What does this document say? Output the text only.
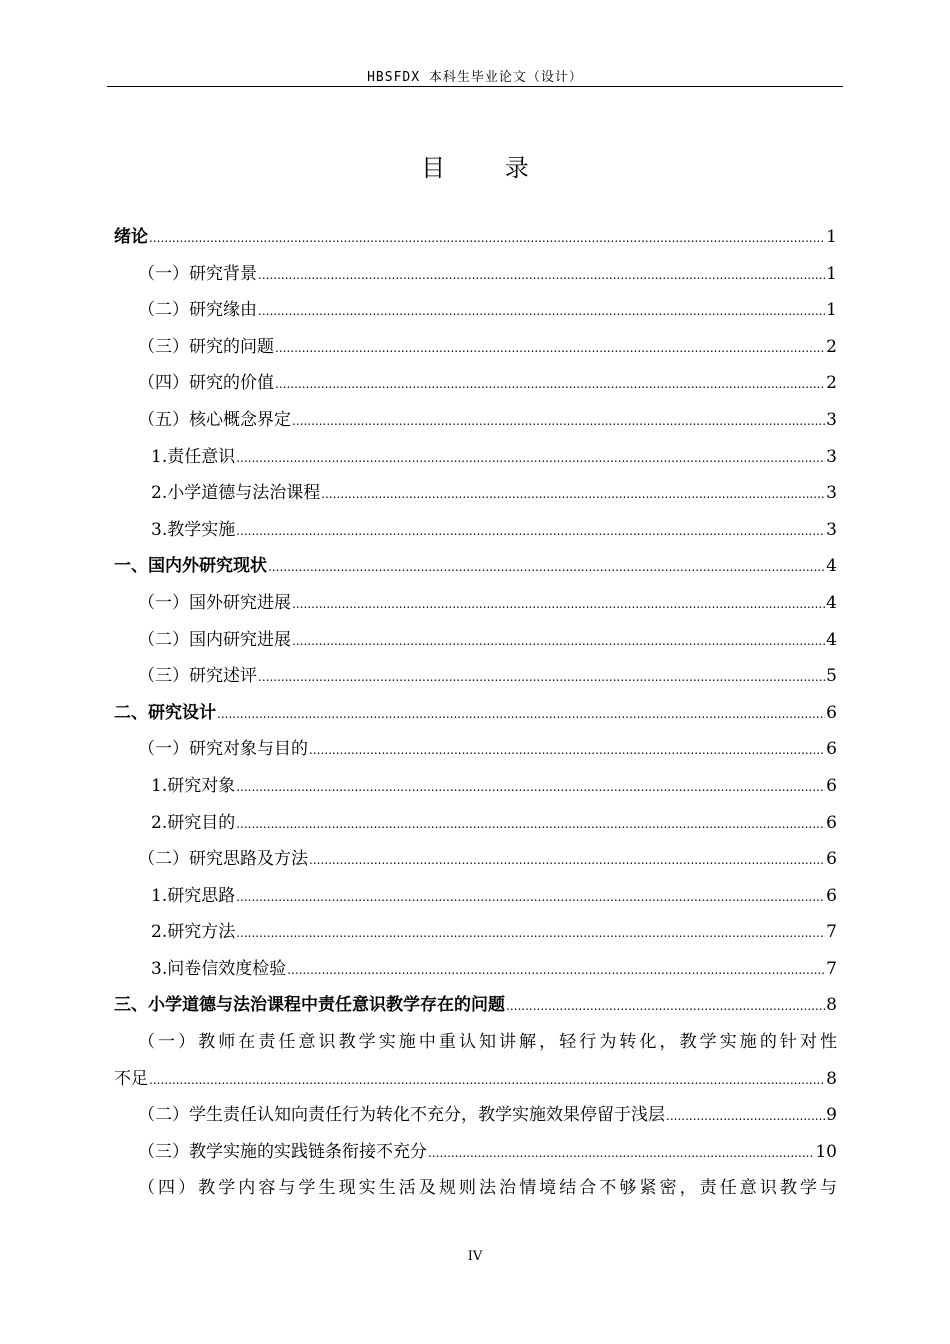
HBSFDX 本科生毕业论文（设计）
目 录
绪论 .....	1
（一）研究背景 .....	1
（二）研究缘由 .....	1
（三）研究的问题 .....	2
（四）研究的价值 .....	2
（五）核心概念界定 .....	3
1.责任意识 .....	3
2.小学道德与法治课程 .....	3
3.教学实施 .....	3
一、国内外研究现状 .....	4
（一）国外研究进展 .....	4
（二）国内研究进展 .....	4
（三）研究述评 .....	5
二、研究设计 .....	6
（一）研究对象与目的 .....	6
1.研究对象 .....	6
2.研究目的 .....	6
（二）研究思路及方法 .....	6
1.研究思路 .....	6
2.研究方法 .....	7
3.问卷信效度检验 .....	7
三、小学道德与法治课程中责任意识教学存在的问题 .....	8
（一）教师在责任意识教学实施中重认知讲解，轻行为转化，教学实施的针对性
不足 .....	8
（二）学生责任认知向责任行为转化不充分，教学实施效果停留于浅层 .....	9
（三）教学实施的实践链条衔接不充分 .....	10
（四）教学内容与学生现实生活及规则法治情境结合不够紧密，责任意识教学与
IV
